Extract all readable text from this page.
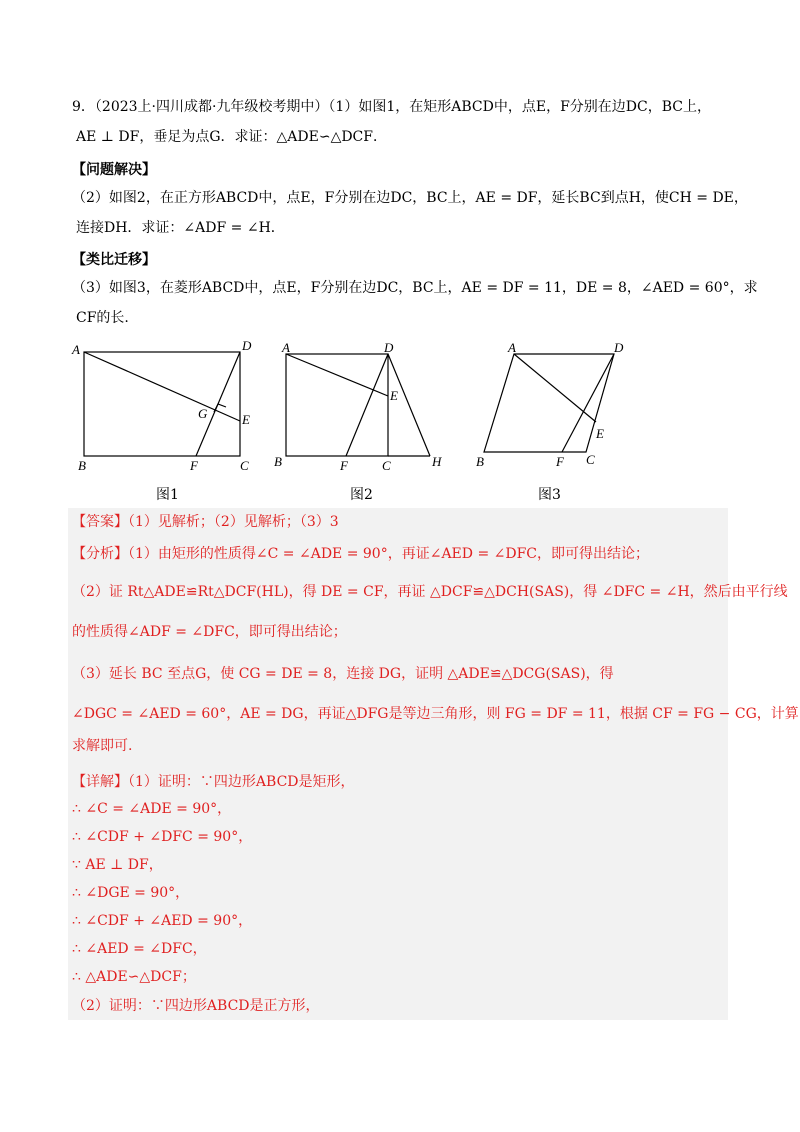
9．（2023上·四川成都·九年级校考期中）（1）如图1，在矩形ABCD中，点E，F分别在边DC，BC上，
AE ⊥ DF，垂足为点G．求证：△ADE∽△DCF．
【问题解决】
（2）如图2，在正方形ABCD中，点E，F分别在边DC，BC上，AE = DF，延长BC到点H，使CH = DE，
连接DH．求证：∠ADF = ∠H．
【类比迁移】
（3）如图3，在菱形ABCD中，点E，F分别在边DC，BC上，AE = DF = 11，DE = 8，∠AED = 60°，求
CF的长.
A	D
B	C
F
E
G
图1
A	D
B	F	C	H
E
图2
A	D
B	F C
E
图3
【答案】（1）见解析；（2）见解析；（3）3
【分析】（1）由矩形的性质得∠C = ∠ADE = 90°，再证∠AED = ∠DFC，即可得出结论；
（2）证 Rt△ADE≌Rt△DCF(HL)，得 DE = CF，再证 △DCF≌△DCH(SAS)，得 ∠DFC = ∠H，然后由平行线
的性质得∠ADF = ∠DFC，即可得出结论；
（3）延长 BC 至点G，使 CG = DE = 8，连接 DG，证明 △ADE≌△DCG(SAS)，得
∠DGC = ∠AED = 60°，AE = DG，再证△DFG是等边三角形，则 FG = DF = 11，根据 CF = FG − CG，计算
求解即可.
【详解】（1）证明：∵四边形ABCD是矩形，
∴ ∠C = ∠ADE = 90°，
∴ ∠CDF + ∠DFC = 90°，
∵ AE ⊥ DF，
∴ ∠DGE = 90°，
∴ ∠CDF + ∠AED = 90°，
∴ ∠AED = ∠DFC，
∴ △ADE∽△DCF；
（2）证明：∵四边形ABCD是正方形，
